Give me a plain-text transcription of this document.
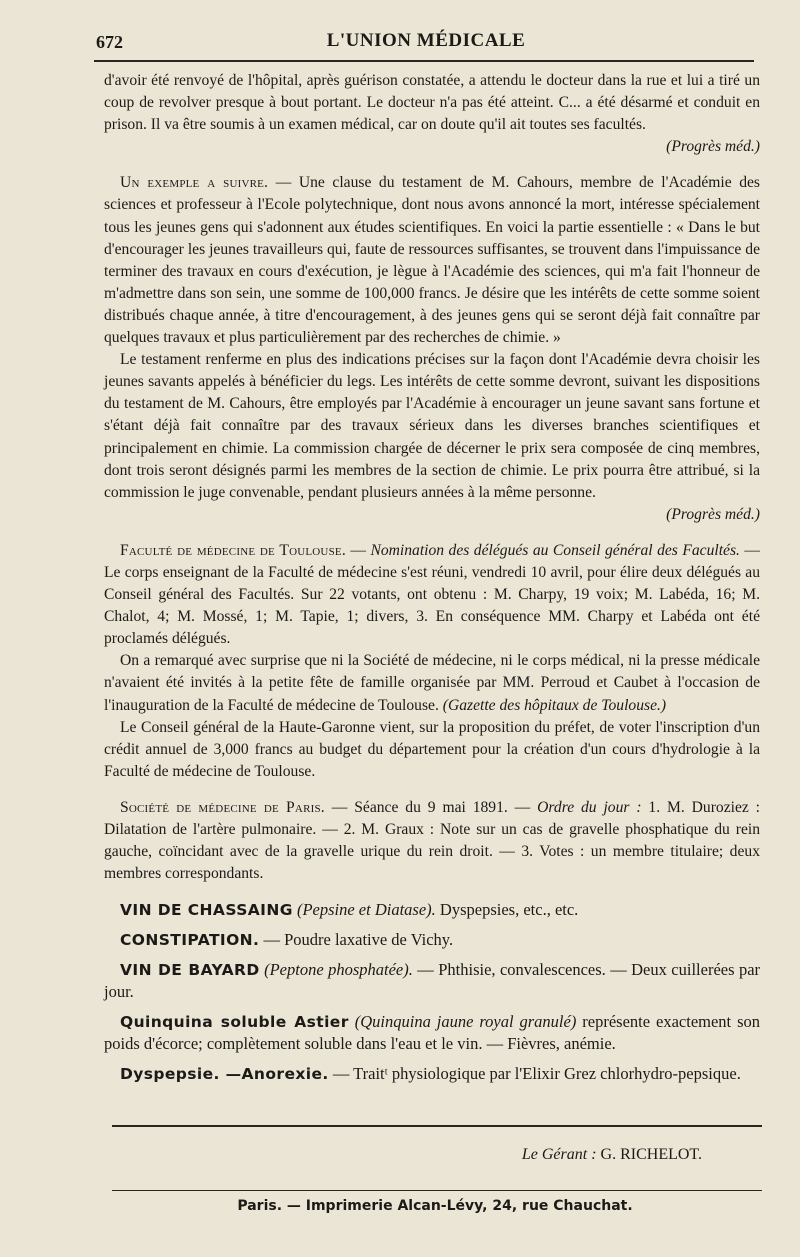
672	L'UNION MÉDICALE

d'avoir été renvoyé de l'hôpital, après guérison constatée, a attendu le docteur dans la rue et lui a tiré un coup de revolver presque à bout portant. Le docteur n'a pas été atteint. C... a été désarmé et conduit en prison. Il va être soumis à un examen médical, car on doute qu'il ait toutes ses facultés.

(Progrès méd.)

Un exemple a suivre. — Une clause du testament de M. Cahours, membre de l'Académie des sciences et professeur à l'Ecole polytechnique, dont nous avons annoncé la mort, intéresse spécialement tous les jeunes gens qui s'adonnent aux études scientifiques. En voici la partie essentielle : « Dans le but d'encourager les jeunes travailleurs qui, faute de ressources suffisantes, se trouvent dans l'impuissance de terminer des travaux en cours d'exécution, je lègue à l'Académie des sciences, qui m'a fait l'honneur de m'admettre dans son sein, une somme de 100,000 francs. Je désire que les intérêts de cette somme soient distribués chaque année, à titre d'encouragement, à des jeunes gens qui se seront déjà fait connaître par quelques travaux et plus particulièrement par des recherches de chimie. »

Le testament renferme en plus des indications précises sur la façon dont l'Académie devra choisir les jeunes savants appelés à bénéficier du legs. Les intérêts de cette somme devront, suivant les dispositions du testament de M. Cahours, être employés par l'Académie à encourager un jeune savant sans fortune et s'étant déjà fait connaître par des travaux sérieux dans les diverses branches scientifiques et principalement en chimie. La commission chargée de décerner le prix sera composée de cinq membres, dont trois seront désignés parmi les membres de la section de chimie. Le prix pourra être attribué, si la commission le juge convenable, pendant plusieurs années à la même personne.

(Progrès méd.)

Faculté de médecine de Toulouse. — Nomination des délégués au Conseil général des Facultés. — Le corps enseignant de la Faculté de médecine s'est réuni, vendredi 10 avril, pour élire deux délégués au Conseil général des Facultés. Sur 22 votants, ont obtenu : M. Charpy, 19 voix; M. Labéda, 16; M. Chalot, 4; M. Mossé, 1; M. Tapie, 1; divers, 3. En conséquence MM. Charpy et Labéda ont été proclamés délégués.

On a remarqué avec surprise que ni la Société de médecine, ni le corps médical, ni la presse médicale n'avaient été invités à la petite fête de famille organisée par MM. Perroud et Caubet à l'occasion de l'inauguration de la Faculté de médecine de Toulouse. (Gazette des hôpitaux de Toulouse.)

Le Conseil général de la Haute-Garonne vient, sur la proposition du préfet, de voter l'inscription d'un crédit annuel de 3,000 francs au budget du département pour la création d'un cours d'hydrologie à la Faculté de médecine de Toulouse.

Société de médecine de Paris. — Séance du 9 mai 1891. — Ordre du jour : 1. M. Duroziez : Dilatation de l'artère pulmonaire. — 2. M. Graux : Note sur un cas de gravelle phosphatique du rein gauche, coïncidant avec de la gravelle urique du rein droit. — 3. Votes : un membre titulaire; deux membres correspondants.

VIN DE CHASSAING (Pepsine et Diatase). Dyspepsies, etc., etc.

CONSTIPATION. — Poudre laxative de Vichy.

VIN DE BAYARD (Peptone phosphatée). — Phthisie, convalescences. — Deux cuillerées par jour.

Quinquina soluble Astier (Quinquina jaune royal granulé) représente exactement son poids d'écorce; complètement soluble dans l'eau et le vin. — Fièvres, anémie.

Dyspepsie. —Anorexie. — Traitᵗ physiologique par l'Elixir Grez chlorhydro-pepsique.

Le Gérant : G. RICHELOT.
Paris. — Imprimerie Alcan-Lévy, 24, rue Chauchat.
